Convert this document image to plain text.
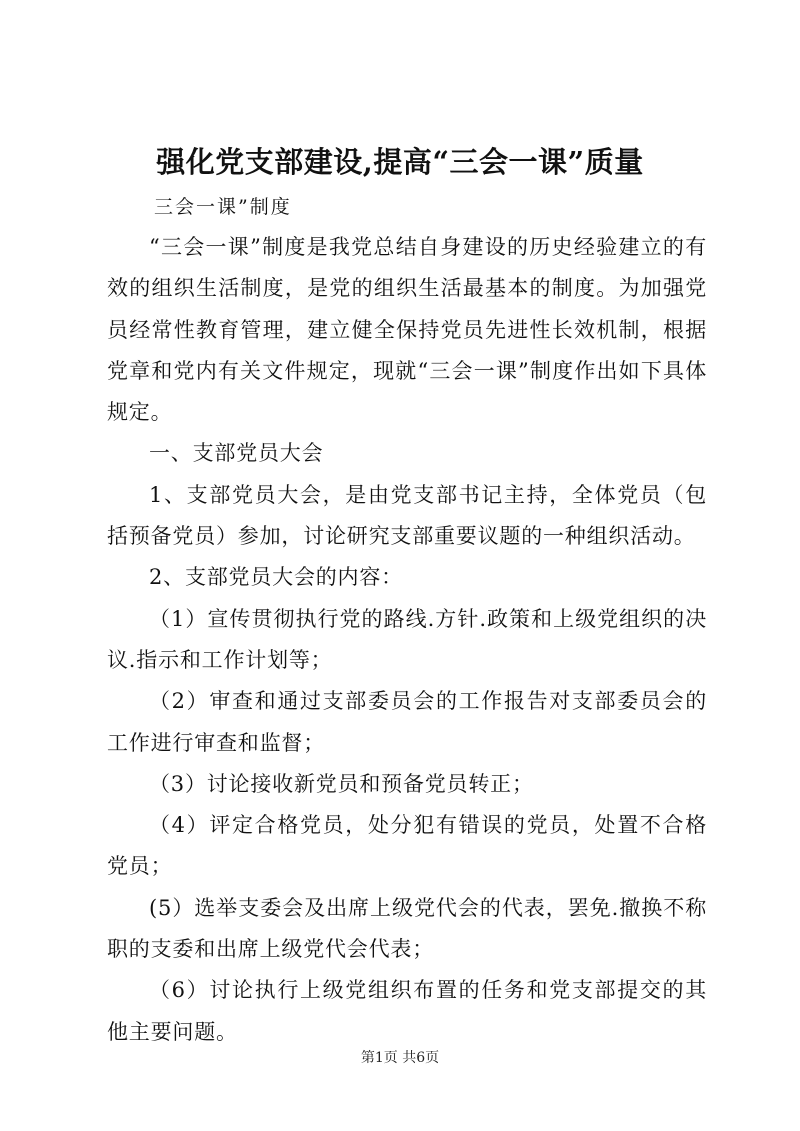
强化党支部建设,提高“三会一课”质量
三会一课”制度

“三会一课”制度是我党总结自身建设的历史经验建立的有效的组织生活制度，是党的组织生活最基本的制度。为加强党员经常性教育管理，建立健全保持党员先进性长效机制，根据党章和党内有关文件规定，现就“三会一课”制度作出如下具体规定。

一、支部党员大会

1、支部党员大会，是由党支部书记主持，全体党员（包括预备党员）参加，讨论研究支部重要议题的一种组织活动。

2、支部党员大会的内容：

（1）宣传贯彻执行党的路线.方针.政策和上级党组织的决议.指示和工作计划等；

（2）审查和通过支部委员会的工作报告对支部委员会的工作进行审查和监督；

（3）讨论接收新党员和预备党员转正；

（4）评定合格党员，处分犯有错误的党员，处置不合格党员；

(5）选举支委会及出席上级党代会的代表，罢免.撤换不称职的支委和出席上级党代会代表；

（6）讨论执行上级党组织布置的任务和党支部提交的其他主要问题。

第1页 共6页
